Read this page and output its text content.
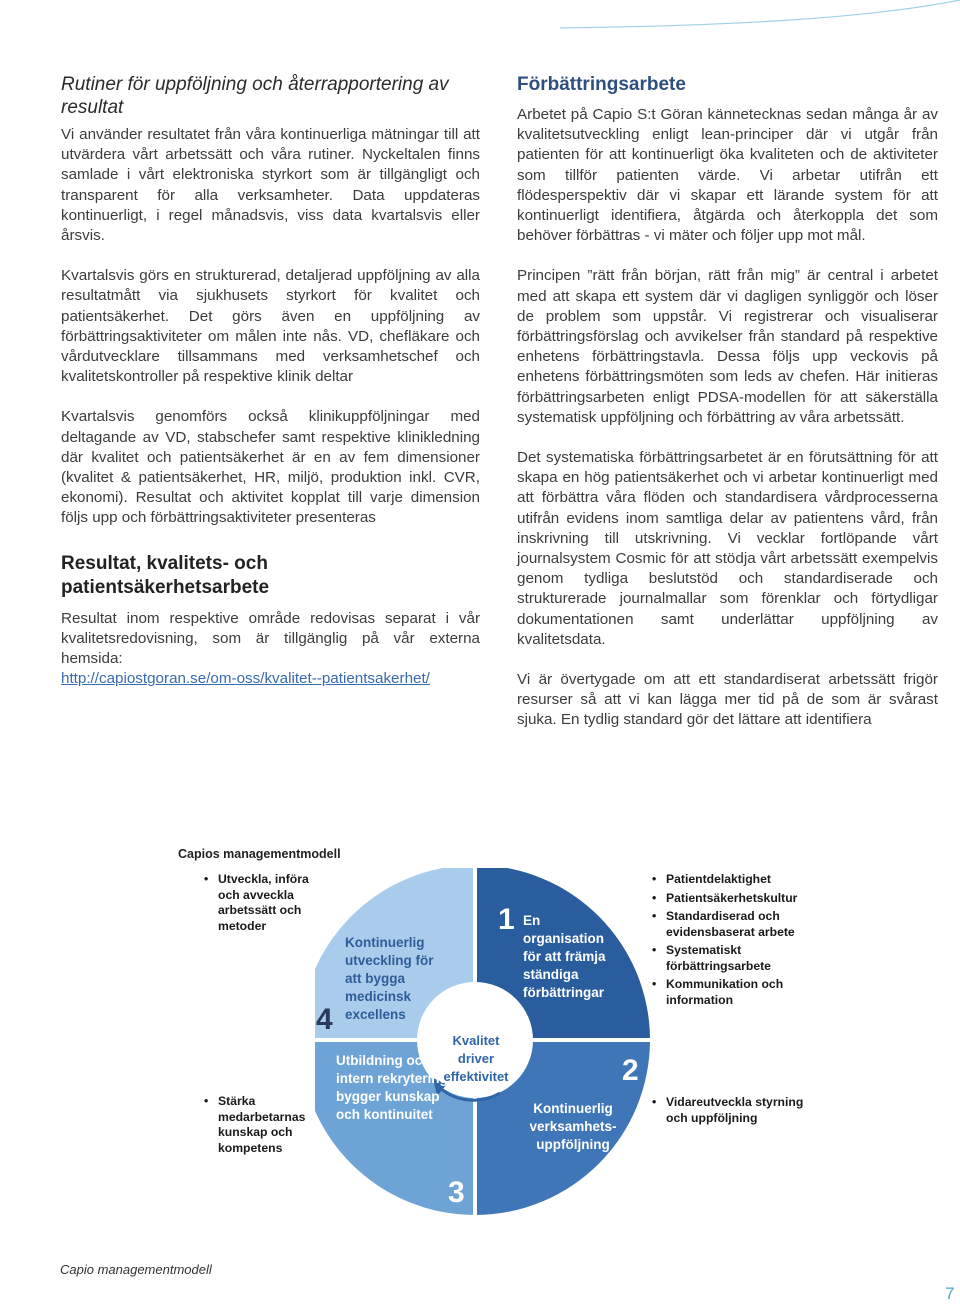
Rutiner för uppföljning och återrapportering av resultat

Vi använder resultatet från våra kontinuerliga mätningar till att utvärdera vårt arbetssätt och våra rutiner. Nyckeltalen finns samlade i vårt elektroniska styrkort som är tillgängligt och transparent för alla verksamheter. Data uppdateras kontinuerligt, i regel månadsvis, viss data kvartalsvis eller årsvis.

Kvartalsvis görs en strukturerad, detaljerad uppföljning av alla resultatmått via sjukhusets styrkort för kvalitet och patientsäkerhet. Det görs även en uppföljning av förbättringsaktiviteter om målen inte nås. VD, chefläkare och vårdutvecklare tillsammans med verksamhetschef och kvalitetskontroller på respektive klinik deltar

Kvartalsvis genomförs också klinikuppföljningar med deltagande av VD, stabschefer samt respektive klinikledning där kvalitet och patientsäkerhet är en av fem dimensioner (kvalitet & patientsäkerhet, HR, miljö, produktion inkl. CVR, ekonomi). Resultat och aktivitet kopplat till varje dimension följs upp och förbättringsaktiviteter presenteras

Resultat, kvalitets- och patientsäkerhetsarbete

Resultat inom respektive område redovisas separat i vår kvalitetsredovisning, som är tillgänglig på vår externa hemsida:

http://capiostgoran.se/om-oss/kvalitet--patientsakerhet/
Förbättringsarbete

Arbetet på Capio S:t Göran kännetecknas sedan många år av kvalitetsutveckling enligt lean-principer där vi utgår från patienten för att kontinuerligt öka kvaliteten och de aktiviteter som tillför patienten värde. Vi arbetar utifrån ett flödesperspektiv där vi skapar ett lärande system för att kontinuerligt identifiera, åtgärda och återkoppla det som behöver förbättras - vi mäter och följer upp mot mål.

Principen ”rätt från början, rätt från mig” är central i arbetet med att skapa ett system där vi dagligen synliggör och löser de problem som uppstår. Vi registrerar och visualiserar förbättringsförslag och avvikelser från standard på respektive enhetens förbättringstavla. Dessa följs upp veckovis på enhetens förbättringsmöten som leds av chefen. Här initieras förbättringsarbeten enligt PDSA-modellen för att säkerställa systematisk uppföljning och förbättring av våra arbetssätt.

Det systematiska förbättringsarbetet är en förutsättning för att skapa en hög patientsäkerhet och vi arbetar kontinuerligt med att förbättra våra flöden och standardisera vårdprocesserna utifrån evidens inom samtliga delar av patientens vård, från inskrivning till utskrivning. Vi vecklar fortlöpande vårt journalsystem Cosmic för att stödja vårt arbetssätt exempelvis genom tydliga beslutstöd och standardiserade och strukturerade journalmallar som förenklar och förtydligar dokumentationen samt underlättar uppföljning av kvalitetsdata.

Vi är övertygade om att ett standardiserat arbetssätt frigör resurser så att vi kan lägga mer tid på de som är svårast sjuka. En tydlig standard gör det lättare att identifiera

Capios managementmodell
• Utveckla, införa och avveckla arbetssätt och metoder
• Stärka medarbetarnas kunskap och kompetens
• Patientdelaktighet
• Patientsäkerhetskultur
• Standardiserad och evidensbaserat arbete
• Systematiskt förbättringsarbete
• Kommunikation och information
• Vidareutveckla styrning och uppföljning
1 En organisation för att främja ständiga förbättringar
2
Kontinuerlig verksamhets-uppföljning
3
Utbildning och intern rekrytering bygger kunskap och kontinuitet
4
Kontinuerlig utveckling för att bygga medicinsk excellens
Kvalitet driver effektivitet
Capio managementmodell
7
